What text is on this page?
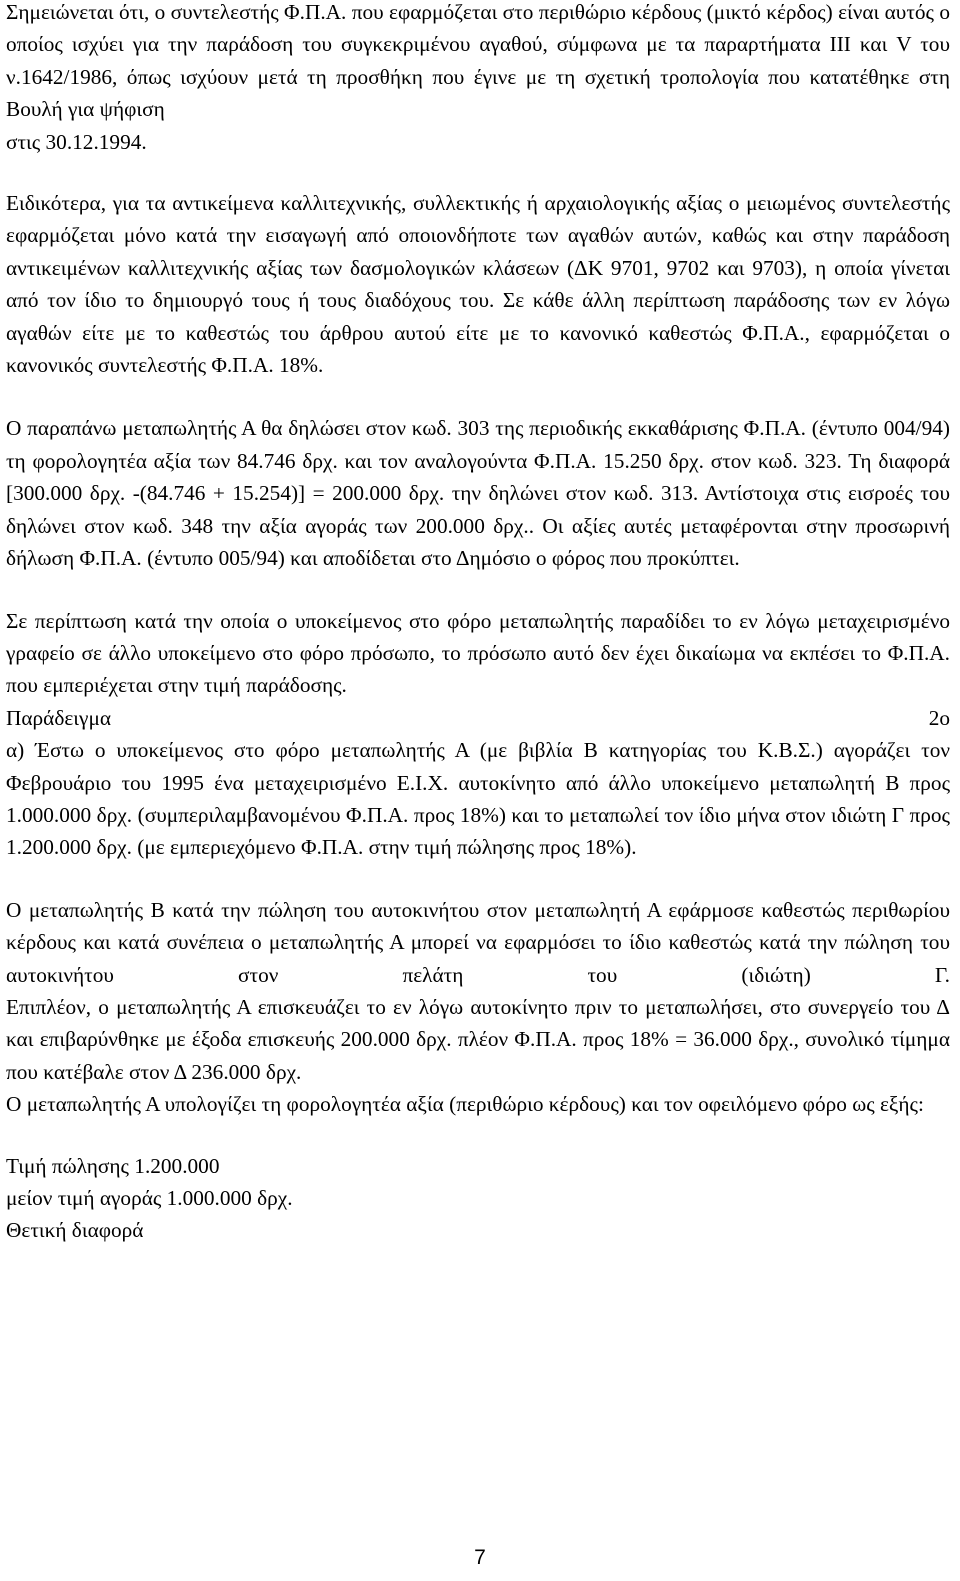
Σημειώνεται ότι, ο συντελεστής Φ.Π.Α. που εφαρμόζεται στο περιθώριο κέρδους (μικτό κέρδος) είναι αυτός ο οποίος ισχύει για την παράδοση του συγκεκριμένου αγαθού, σύμφωνα με τα παραρτήματα ΙΙΙ και V του ν.1642/1986, όπως ισχύουν μετά τη προσθήκη που έγινε με τη σχετική τροπολογία που κατατέθηκε στη Βουλή για ψήφιση

στις 30.12.1994.

Ειδικότερα, για τα αντικείμενα καλλιτεχνικής, συλλεκτικής ή αρχαιολογικής αξίας ο μειωμένος συντελεστής εφαρμόζεται μόνο κατά την εισαγωγή από οποιονδήποτε των αγαθών αυτών, καθώς και στην παράδοση αντικειμένων καλλιτεχνικής αξίας των δασμολογικών κλάσεων (ΔΚ 9701, 9702 και 9703), η οποία γίνεται από τον ίδιο το δημιουργό τους ή τους διαδόχους του. Σε κάθε άλλη περίπτωση παράδοσης των εν λόγω αγαθών είτε με το καθεστώς του άρθρου αυτού είτε με το κανονικό καθεστώς Φ.Π.Α., εφαρμόζεται ο κανονικός συντελεστής Φ.Π.Α. 18%.

Ο παραπάνω μεταπωλητής Α θα δηλώσει στον κωδ. 303 της περιοδικής εκκαθάρισης Φ.Π.Α. (έντυπο 004/94) τη φορολογητέα αξία των 84.746 δρχ. και τον αναλογούντα Φ.Π.Α. 15.250 δρχ. στον κωδ. 323. Τη διαφορά [300.000 δρχ. -(84.746 + 15.254)] = 200.000 δρχ. την δηλώνει στον κωδ. 313. Αντίστοιχα στις εισροές του δηλώνει στον κωδ. 348 την αξία αγοράς των 200.000 δρχ.. Οι αξίες αυτές μεταφέρονται στην προσωρινή δήλωση Φ.Π.Α. (έντυπο 005/94) και αποδίδεται στο Δημόσιο ο φόρος που προκύπτει.

Σε περίπτωση κατά την οποία ο υποκείμενος στο φόρο μεταπωλητής παραδίδει το εν λόγω μεταχειρισμένο γραφείο σε άλλο υποκείμενο στο φόρο πρόσωπο, το πρόσωπο αυτό δεν έχει δικαίωμα να εκπέσει το Φ.Π.Α. που εμπεριέχεται στην τιμή παράδοσης.

Παράδειγμα	2ο

α) Έστω ο υποκείμενος στο φόρο μεταπωλητής Α (με βιβλία Β κατηγορίας του Κ.Β.Σ.) αγοράζει τον Φεβρουάριο του 1995 ένα μεταχειρισμένο Ε.Ι.Χ. αυτοκίνητο από άλλο υποκείμενο μεταπωλητή Β προς 1.000.000 δρχ. (συμπεριλαμβανομένου Φ.Π.Α. προς 18%) και το μεταπωλεί τον ίδιο μήνα στον ιδιώτη Γ προς 1.200.000 δρχ. (με εμπεριεχόμενο Φ.Π.Α. στην τιμή πώλησης προς 18%).

Ο μεταπωλητής Β κατά την πώληση του αυτοκινήτου στον μεταπωλητή Α εφάρμοσε καθεστώς περιθωρίου κέρδους και κατά συνέπεια ο μεταπωλητής Α μπορεί να εφαρμόσει το ίδιο καθεστώς κατά την πώληση του αυτοκινήτου στον πελάτη του (ιδιώτη) Γ.

Επιπλέον, ο μεταπωλητής Α επισκευάζει το εν λόγω αυτοκίνητο πριν το μεταπωλήσει, στο συνεργείο του Δ και επιβαρύνθηκε με έξοδα επισκευής 200.000 δρχ. πλέον Φ.Π.Α. προς 18% = 36.000 δρχ., συνολικό τίμημα που κατέβαλε στον Δ 236.000 δρχ.

Ο μεταπωλητής Α υπολογίζει τη φορολογητέα αξία (περιθώριο κέρδους) και τον οφειλόμενο φόρο ως εξής:

Τιμή πώλησης 1.200.000

μείον τιμή αγοράς 1.000.000 δρχ.

Θετική διαφορά

7
